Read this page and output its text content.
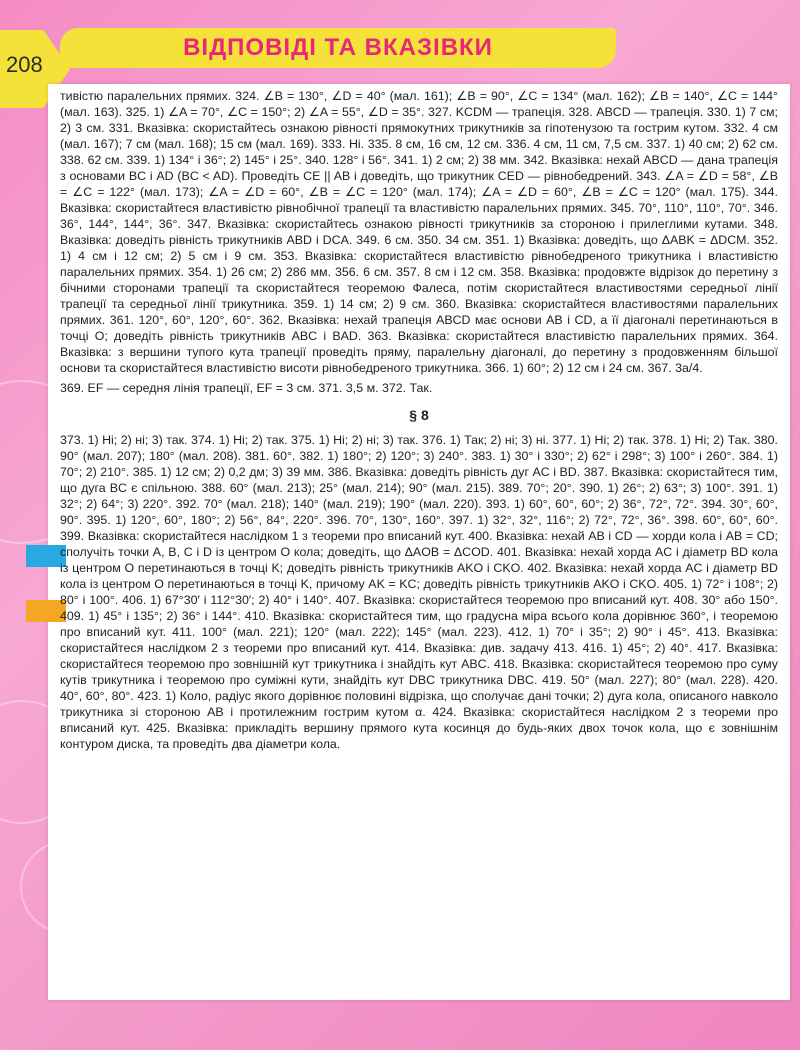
208
ВІДПОВІДІ ТА ВКАЗІВКИ

тивістю паралельних прямих. 324. ∠B = 130°, ∠D = 40° (мал. 161); ∠B = 90°, ∠C = 134° (мал. 162); ∠B = 140°, ∠C = 144° (мал. 163). 325. 1) ∠A = 70°, ∠C = 150°; 2) ∠A = 55°, ∠D = 35°. 327. KCDM — трапеція. 328. ABCD — трапеція. 330. 1) 7 см; 2) 3 см. 331. Вказівка: скористайтесь ознакою рівності прямокутних трикутників за гіпотенузою та гострим кутом. 332. 4 см (мал. 167); 7 см (мал. 168); 15 см (мал. 169). 333. Ні. 335. 8 см, 16 см, 12 см. 336. 4 см, 11 см, 7,5 см. 337. 1) 40 см; 2) 62 см. 338. 62 см. 339. 1) 134° і 36°; 2) 145° і 25°. 340. 128° і 56°. 341. 1) 2 см; 2) 38 мм. 342. Вказівка: нехай ABCD — дана трапеція з основами BC і AD (BC < AD). Проведіть CE || AB і доведіть, що трикутник CED — рівнобедрений. 343. ∠A = ∠D = 58°, ∠B = ∠C = 122° (мал. 173); ∠A = ∠D = 60°, ∠B = ∠C = 120° (мал. 174); ∠A = ∠D = 60°, ∠B = ∠C = 120° (мал. 175). 344. Вказівка: скористайтеся властивістю рівнобічної трапеції та властивістю паралельних прямих. 345. 70°, 110°, 110°, 70°. 346. 36°, 144°, 144°, 36°. 347. Вказівка: скористайтесь ознакою рівності трикутників за стороною і прилеглими кутами. 348. Вказівка: доведіть рівність трикутників ABD і DCA. 349. 6 см. 350. 34 см. 351. 1) Вказівка: доведіть, що ΔABK = ΔDCM. 352. 1) 4 см і 12 см; 2) 5 см і 9 см. 353. Вказівка: скористайтеся властивістю рівнобедреного трикутника і властивістю паралельних прямих. 354. 1) 26 см; 2) 286 мм. 356. 6 см. 357. 8 см і 12 см. 358. Вказівка: продовжте відрізок до перетину з бічними сторонами трапеції та скористайтеся теоремою Фалеса, потім скористайтеся властивостями середньої лінії трапеції та середньої лінії трикутника. 359. 1) 14 см; 2) 9 см. 360. Вказівка: скористайтеся властивостями паралельних прямих. 361. 120°, 60°, 120°, 60°. 362. Вказівка: нехай трапеція ABCD має основи AB і CD, а її діагоналі перетинаються в точці O; доведіть рівність трикутників ABC і BAD. 363. Вказівка: скористайтеся властивістю паралельних прямих. 364. Вказівка: з вершини тупого кута трапеції проведіть пряму, паралельну діагоналі, до перетину з продовженням більшої основи та скористайтеся властивістю висоти рівнобедреного трикутника. 366. 1) 60°; 2) 12 см і 24 см. 367. 3a/4.

369. EF — середня лінія трапеції, EF = 3 см. 371. 3,5 м. 372. Так.

§ 8

373. 1) Ні; 2) ні; 3) так. 374. 1) Ні; 2) так. 375. 1) Ні; 2) ні; 3) так. 376. 1) Так; 2) ні; 3) ні. 377. 1) Ні; 2) так. 378. 1) Ні; 2) Так. 380. 90° (мал. 207); 180° (мал. 208). 381. 60°. 382. 1) 180°; 2) 120°; 3) 240°. 383. 1) 30° і 330°; 2) 62° і 298°; 3) 100° і 260°. 384. 1) 70°; 2) 210°. 385. 1) 12 см; 2) 0,2 дм; 3) 39 мм. 386. Вказівка: доведіть рівність дуг AC і BD. 387. Вказівка: скористайтеся тим, що дуга BC є спільною. 388. 60° (мал. 213); 25° (мал. 214); 90° (мал. 215). 389. 70°; 20°. 390. 1) 26°; 2) 63°; 3) 100°. 391. 1) 32°; 2) 64°; 3) 220°. 392. 70° (мал. 218); 140° (мал. 219); 190° (мал. 220). 393. 1) 60°, 60°, 60°; 2) 36°, 72°, 72°. 394. 30°, 60°, 90°. 395. 1) 120°, 60°, 180°; 2) 56°, 84°, 220°. 396. 70°, 130°, 160°. 397. 1) 32°, 32°, 116°; 2) 72°, 72°, 36°. 398. 60°, 60°, 60°. 399. Вказівка: скористайтеся наслідком 1 з теореми про вписаний кут. 400. Вказівка: нехай AB і CD — хорди кола і AB = CD; сполучіть точки A, B, C і D із центром O кола; доведіть, що ΔAOB = ΔCOD. 401. Вказівка: нехай хорда AC і діаметр BD кола із центром O перетинаються в точці K; доведіть рівність трикутників AKO і CKO. 402. Вказівка: нехай хорда AC і діаметр BD кола із центром O перетинаються в точці K, причому AK = KC; доведіть рівність трикутників AKO і CKO. 405. 1) 72° і 108°; 2) 80° і 100°. 406. 1) 67°30′ і 112°30′; 2) 40° і 140°. 407. Вказівка: скористайтеся теоремою про вписаний кут. 408. 30° або 150°. 409. 1) 45° і 135°; 2) 36° і 144°. 410. Вказівка: скористайтеся тим, що градусна міра всього кола дорівнює 360°, і теоремою про вписаний кут. 411. 100° (мал. 221); 120° (мал. 222); 145° (мал. 223). 412. 1) 70° і 35°; 2) 90° і 45°. 413. Вказівка: скористайтеся наслідком 2 з теореми про вписаний кут. 414. Вказівка: див. задачу 413. 416. 1) 45°; 2) 40°. 417. Вказівка: скористайтеся теоремою про зовнішній кут трикутника і знайдіть кут ABC. 418. Вказівка: скористайтеся теоремою про суму кутів трикутника і теоремою про суміжні кути, знайдіть кут DBC трикутника DBC. 419. 50° (мал. 227); 80° (мал. 228). 420. 40°, 60°, 80°. 423. 1) Коло, радіус якого дорівнює половині відрізка, що сполучає дані точки; 2) дуга кола, описаного навколо трикутника зі стороною AB і протилежним гострим кутом α. 424. Вказівка: скористайтеся наслідком 2 з теореми про вписаний кут. 425. Вказівка: прикладіть вершину прямого кута косинця до будь-яких двох точок кола, що є зовнішнім контуром диска, та проведіть два діаметри кола.
